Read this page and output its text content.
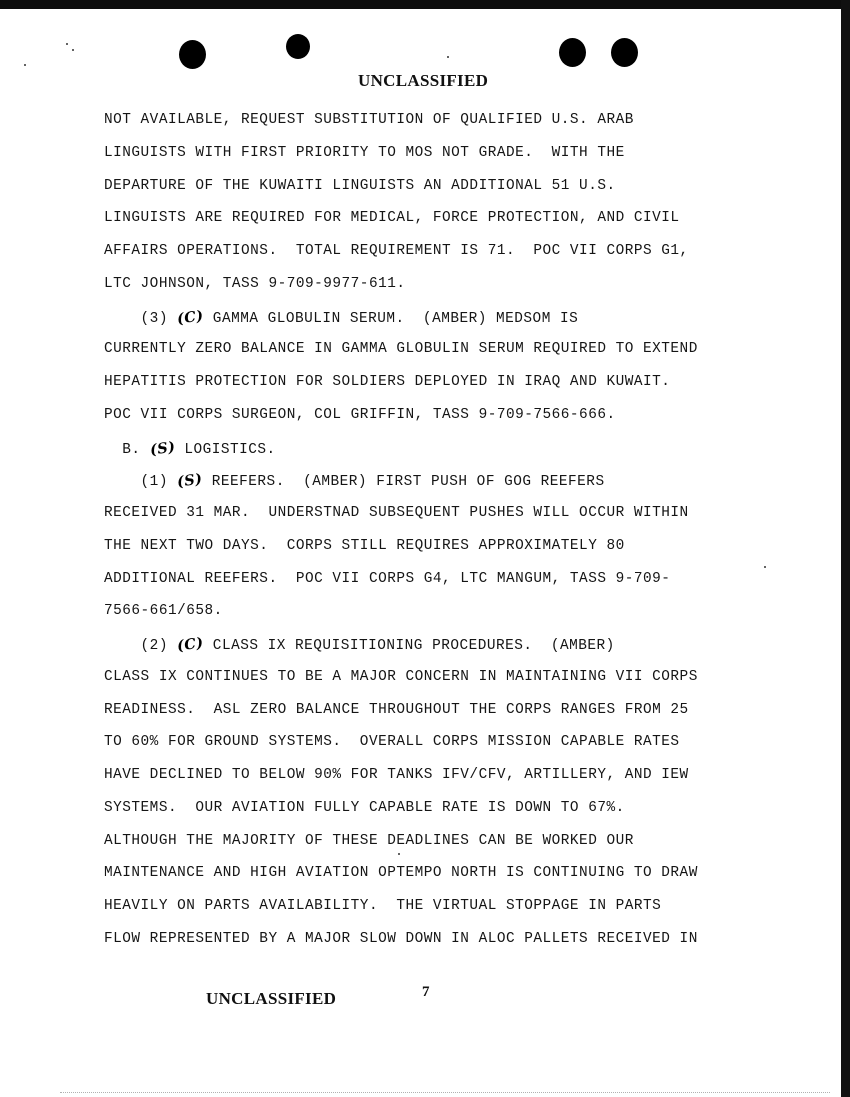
UNCLASSIFIED
NOT AVAILABLE, REQUEST SUBSTITUTION OF QUALIFIED U.S. ARAB
LINGUISTS WITH FIRST PRIORITY TO MOS NOT GRADE.  WITH THE
DEPARTURE OF THE KUWAITI LINGUISTS AN ADDITIONAL 51 U.S.
LINGUISTS ARE REQUIRED FOR MEDICAL, FORCE PROTECTION, AND CIVIL
AFFAIRS OPERATIONS.  TOTAL REQUIREMENT IS 71.  POC VII CORPS G1,
LTC JOHNSON, TASS 9-709-9977-611.
(3) (C) GAMMA GLOBULIN SERUM.  (AMBER) MEDSOM IS
CURRENTLY ZERO BALANCE IN GAMMA GLOBULIN SERUM REQUIRED TO EXTEND
HEPATITIS PROTECTION FOR SOLDIERS DEPLOYED IN IRAQ AND KUWAIT.
POC VII CORPS SURGEON, COL GRIFFIN, TASS 9-709-7566-666.
B. (S) LOGISTICS.
(1) (S) REEFERS.  (AMBER) FIRST PUSH OF GOG REEFERS
RECEIVED 31 MAR.  UNDERSTNAD SUBSEQUENT PUSHES WILL OCCUR WITHIN
THE NEXT TWO DAYS.  CORPS STILL REQUIRES APPROXIMATELY 80
ADDITIONAL REEFERS.  POC VII CORPS G4, LTC MANGUM, TASS 9-709-
7566-661/658.
(2) (C) CLASS IX REQUISITIONING PROCEDURES.  (AMBER)
CLASS IX CONTINUES TO BE A MAJOR CONCERN IN MAINTAINING VII CORPS
READINESS.  ASL ZERO BALANCE THROUGHOUT THE CORPS RANGES FROM 25
TO 60% FOR GROUND SYSTEMS.  OVERALL CORPS MISSION CAPABLE RATES
HAVE DECLINED TO BELOW 90% FOR TANKS IFV/CFV, ARTILLERY, AND IEW
SYSTEMS.  OUR AVIATION FULLY CAPABLE RATE IS DOWN TO 67%.
ALTHOUGH THE MAJORITY OF THESE DEADLINES CAN BE WORKED OUR
MAINTENANCE AND HIGH AVIATION OPTEMPO NORTH IS CONTINUING TO DRAW
HEAVILY ON PARTS AVAILABILITY.  THE VIRTUAL STOPPAGE IN PARTS
FLOW REPRESENTED BY A MAJOR SLOW DOWN IN ALOC PALLETS RECEIVED IN
UNCLASSIFIED	7
